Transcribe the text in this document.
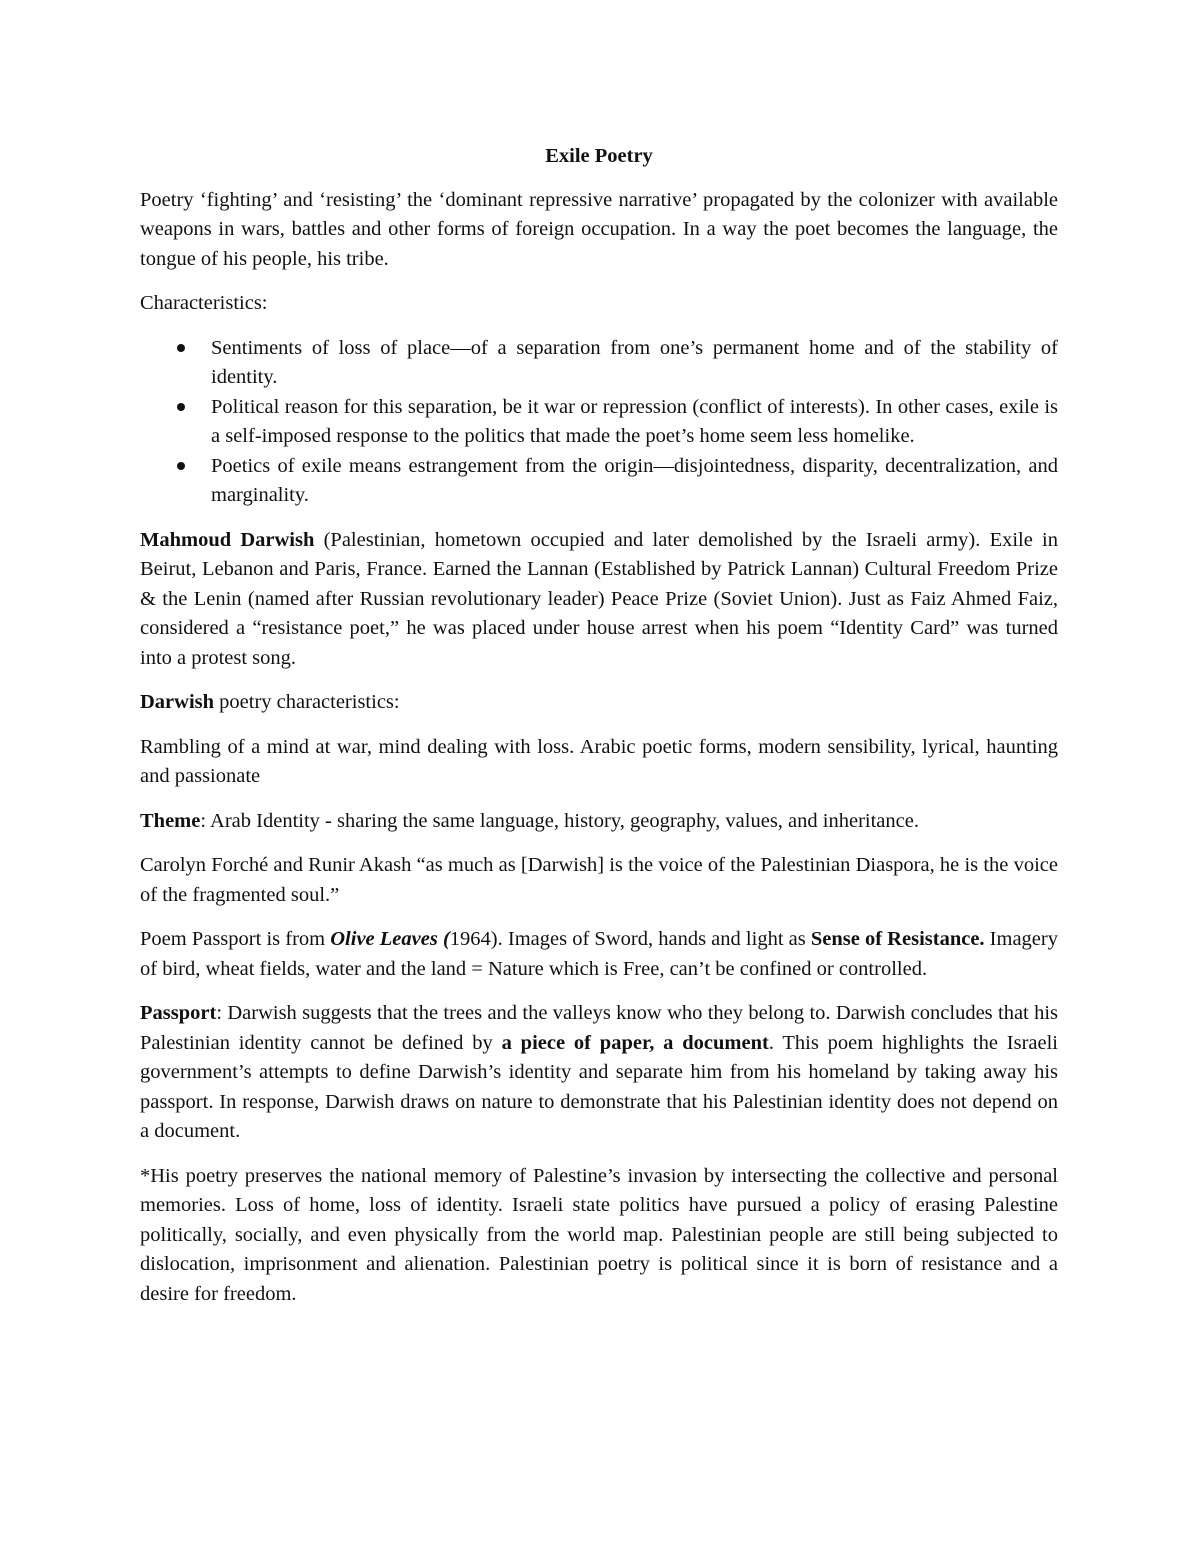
Exile Poetry

Poetry ‘fighting’ and ‘resisting’ the ‘dominant repressive narrative’ propagated by the colonizer with available weapons in wars, battles and other forms of foreign occupation. In a way the poet becomes the language, the tongue of his people, his tribe.

Characteristics:

Sentiments of loss of place—of a separation from one’s permanent home and of the stability of identity.
Political reason for this separation, be it war or repression (conflict of interests). In other cases, exile is a self-imposed response to the politics that made the poet’s home seem less homelike.
Poetics of exile means estrangement from the origin—disjointedness, disparity, decentralization, and marginality.

Mahmoud Darwish (Palestinian, hometown occupied and later demolished by the Israeli army). Exile in Beirut, Lebanon and Paris, France. Earned the Lannan (Established by Patrick Lannan) Cultural Freedom Prize & the Lenin (named after Russian revolutionary leader) Peace Prize (Soviet Union). Just as Faiz Ahmed Faiz, considered a “resistance poet,” he was placed under house arrest when his poem “Identity Card” was turned into a protest song.

Darwish poetry characteristics:

Rambling of a mind at war, mind dealing with loss. Arabic poetic forms, modern sensibility, lyrical, haunting and passionate

Theme: Arab Identity - sharing the same language, history, geography, values, and inheritance.

Carolyn Forché and Runir Akash “as much as [Darwish] is the voice of the Palestinian Diaspora, he is the voice of the fragmented soul.”

Poem Passport is from Olive Leaves (1964). Images of Sword, hands and light as Sense of Resistance. Imagery of bird, wheat fields, water and the land = Nature which is Free, can’t be confined or controlled.

Passport: Darwish suggests that the trees and the valleys know who they belong to. Darwish concludes that his Palestinian identity cannot be defined by a piece of paper, a document. This poem highlights the Israeli government’s attempts to define Darwish’s identity and separate him from his homeland by taking away his passport. In response, Darwish draws on nature to demonstrate that his Palestinian identity does not depend on a document.

*His poetry preserves the national memory of Palestine’s invasion by intersecting the collective and personal memories. Loss of home, loss of identity. Israeli state politics have pursued a policy of erasing Palestine politically, socially, and even physically from the world map. Palestinian people are still being subjected to dislocation, imprisonment and alienation. Palestinian poetry is political since it is born of resistance and a desire for freedom.
